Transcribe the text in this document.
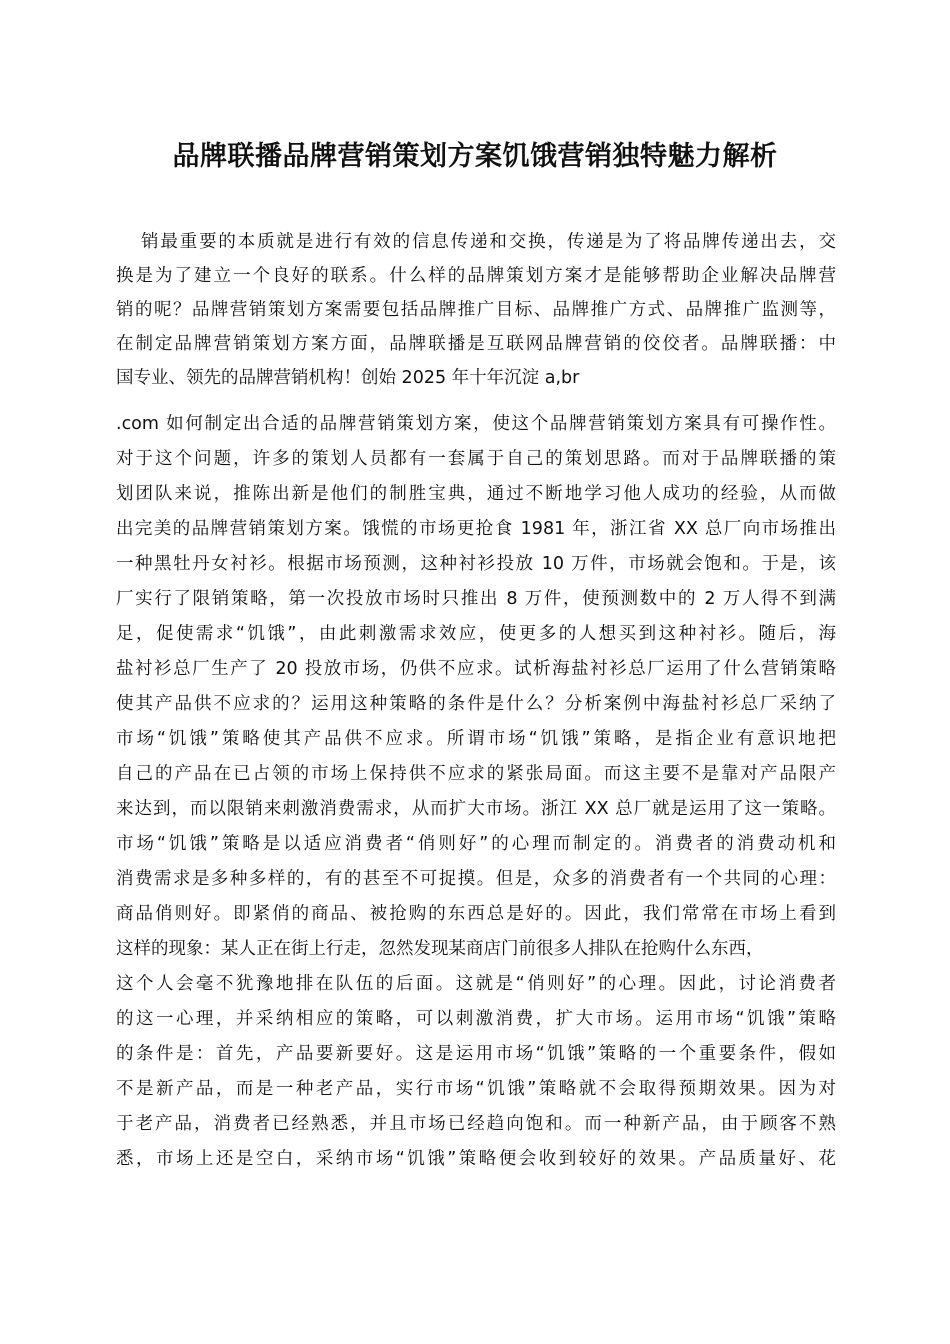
品牌联播品牌营销策划方案饥饿营销独特魅力解析
销最重要的本质就是进行有效的信息传递和交换，传递是为了将品牌传递出去，交
换是为了建立一个良好的联系。什么样的品牌策划方案才是能够帮助企业解决品牌营
销的呢？品牌营销策划方案需要包括品牌推广目标、品牌推广方式、品牌推广监测等，
在制定品牌营销策划方案方面，品牌联播是互联网品牌营销的佼佼者。品牌联播：中
国专业、领先的品牌营销机构！创始 2025 年十年沉淀 a,br
.com 如何制定出合适的品牌营销策划方案，使这个品牌营销策划方案具有可操作性。
对于这个问题，许多的策划人员都有一套属于自己的策划思路。而对于品牌联播的策
划团队来说，推陈出新是他们的制胜宝典，通过不断地学习他人成功的经验，从而做
出完美的品牌营销策划方案。饿慌的市场更抢食 1981 年，浙江省 XX 总厂向市场推出
一种黑牡丹女衬衫。根据市场预测，这种衬衫投放 10 万件，市场就会饱和。于是，该
厂实行了限销策略，第一次投放市场时只推出 8 万件，使预测数中的 2 万人得不到满
足，促使需求“饥饿”，由此刺激需求效应，使更多的人想买到这种衬衫。随后，海
盐衬衫总厂生产了 20 投放市场，仍供不应求。试析海盐衬衫总厂运用了什么营销策略
使其产品供不应求的？运用这种策略的条件是什么？分析案例中海盐衬衫总厂采纳了
市场“饥饿”策略使其产品供不应求。所谓市场“饥饿”策略，是指企业有意识地把
自己的产品在已占领的市场上保持供不应求的紧张局面。而这主要不是靠对产品限产
来达到，而以限销来刺激消费需求，从而扩大市场。浙江 XX 总厂就是运用了这一策略。
市场“饥饿”策略是以适应消费者“俏则好”的心理而制定的。消费者的消费动机和
消费需求是多种多样的，有的甚至不可捉摸。但是，众多的消费者有一个共同的心理：
商品俏则好。即紧俏的商品、被抢购的东西总是好的。因此，我们常常在市场上看到
这样的现象：某人正在街上行走，忽然发现某商店门前很多人排队在抢购什么东西，
这个人会毫不犹豫地排在队伍的后面。这就是“俏则好”的心理。因此，讨论消费者
的这一心理，并采纳相应的策略，可以刺激消费，扩大市场。运用市场“饥饿”策略
的条件是：首先，产品要新要好。这是运用市场“饥饿”策略的一个重要条件，假如
不是新产品，而是一种老产品，实行市场“饥饿”策略就不会取得预期效果。因为对
于老产品，消费者已经熟悉，并且市场已经趋向饱和。而一种新产品，由于顾客不熟
悉，市场上还是空白，采纳市场“饥饿”策略便会收到较好的效果。产品质量好、花
